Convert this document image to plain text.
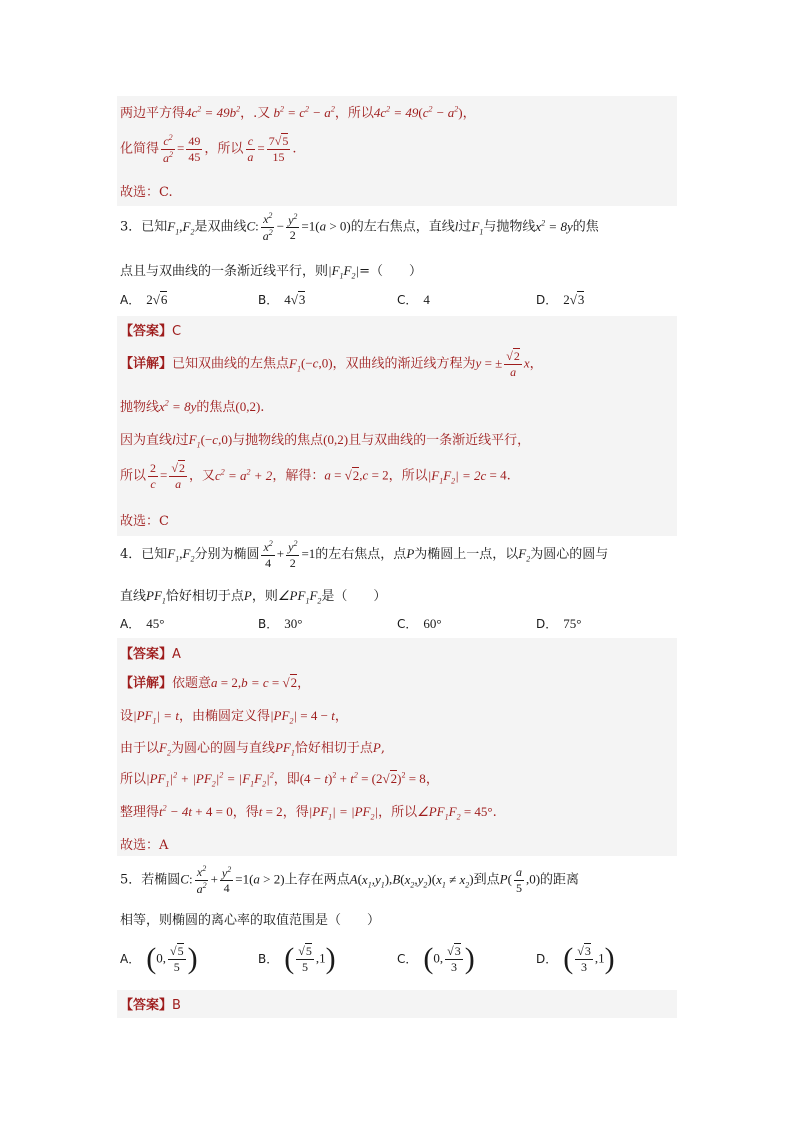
两边平方得$4c^2 = 49b^2$，.又 $b^2 = c^2 - a^2$，所以$4c^2 = 49(c^2 - a^2)$，
化简得 $\frac{c^2}{a^2} = \frac{49}{45}$ ，所以 $\frac{c}{a} = \frac{7√5}{15}$ .
故选：C.
3．已知$F_1,F_2$是双曲线C: $\frac{x^2}{a^2} - \frac{y^2}{2} =1(a > 0)$的左右焦点，直线l过$F_1$与抛物线$x^2 = 8y$的焦
点且与双曲线的一条渐近线平行，则$|F_1F_2|=$（　　）
A． 2√6	B． 4√3	C． 4	D． 2√3
【答案】C
【详解】已知双曲线的左焦点$F_1(-c,0)$，双曲线的渐近线方程为y = ± $\frac{√2}{a}$ x，
抛物线$x^2 = 8y$的焦点(0,2).
因为直线l过$F_1(-c,0)$与抛物线的焦点(0,2)且与双曲线的一条渐近线平行，
所以 $\frac{2}{c} = \frac{√2}{a}$ ，又$c^2 = a^2 + 2$，解得：a = √2,c = 2，所以$|F_1F_2| = 2c = 4$.
故选：C
4．已知$F_1,F_2$分别为椭圆 $\frac{x^2}{4} + \frac{y^2}{2} =1$的左右焦点，点P为椭圆上一点，以$F_2$为圆心的圆与
直线$PF_1$恰好相切于点P，则$\angle PF_1F_2$是（　　）
A． 45°	B． 30°	C． 60°	D． 75°
【答案】A
【详解】依题意a = 2,b = c = √2，
设$|PF_1| = t$，由椭圆定义得$|PF_2| = 4 - t$，
由于以$F_2$为圆心的圆与直线$PF_1$恰好相切于点P,
所以$|PF_1|^2 + |PF_2|^2 = |F_1F_2|^2$，即$(4 - t)^2 + t^2 = (2√2)^2 = 8$，
整理得$t^2 - 4t + 4 = 0$，得t = 2，得$|PF_1| = |PF_2|$，所以$\angle PF_1F_2 = 45^\circ$.
故选：A
5．若椭圆C: $\frac{x^2}{a^2} + \frac{y^2}{4} =1(a > 2)$上存在两点$A(x_1,y_1),B(x_2,y_2)(x_1 \ne x_2)$到点$P( \frac{a}{5} ,0)$的距离
相等，则椭圆的离心率的取值范围是（　　）
A． (0, $\frac{√5}{5}$ )	B． ( $\frac{√5}{5} ,1$)	C． (0, $\frac{√3}{3}$ )	D． ( $\frac{√3}{3} ,1$)
【答案】B
